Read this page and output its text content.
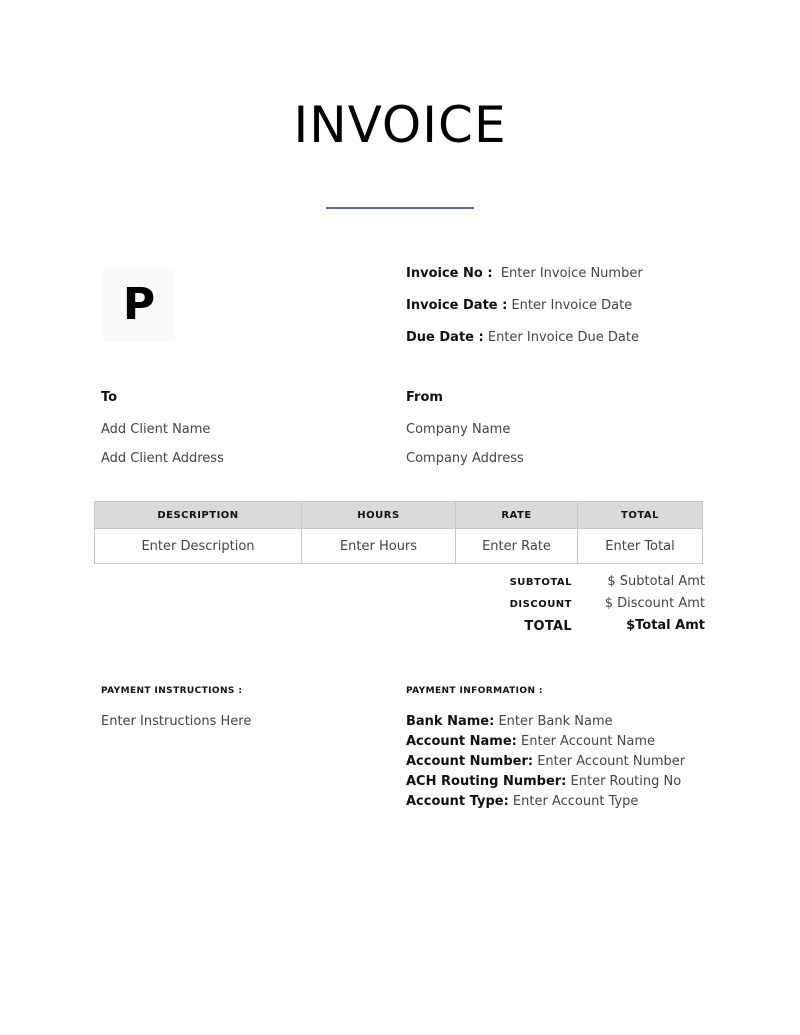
INVOICE
P
Invoice No : Enter Invoice Number
Invoice Date : Enter Invoice Date
Due Date : Enter Invoice Due Date
To
Add Client Name
Add Client Address
From
Company Name
Company Address
DESCRIPTION	HOURS	RATE	TOTAL
Enter Description	Enter Hours	Enter Rate	Enter Total
SUBTOTAL	$ Subtotal Amt
DISCOUNT	$ Discount Amt
TOTAL	$Total Amt
PAYMENT INSTRUCTIONS :
Enter Instructions Here
PAYMENT INFORMATION :
Bank Name: Enter Bank Name
Account Name: Enter Account Name
Account Number: Enter Account Number
ACH Routing Number: Enter Routing No
Account Type: Enter Account Type
